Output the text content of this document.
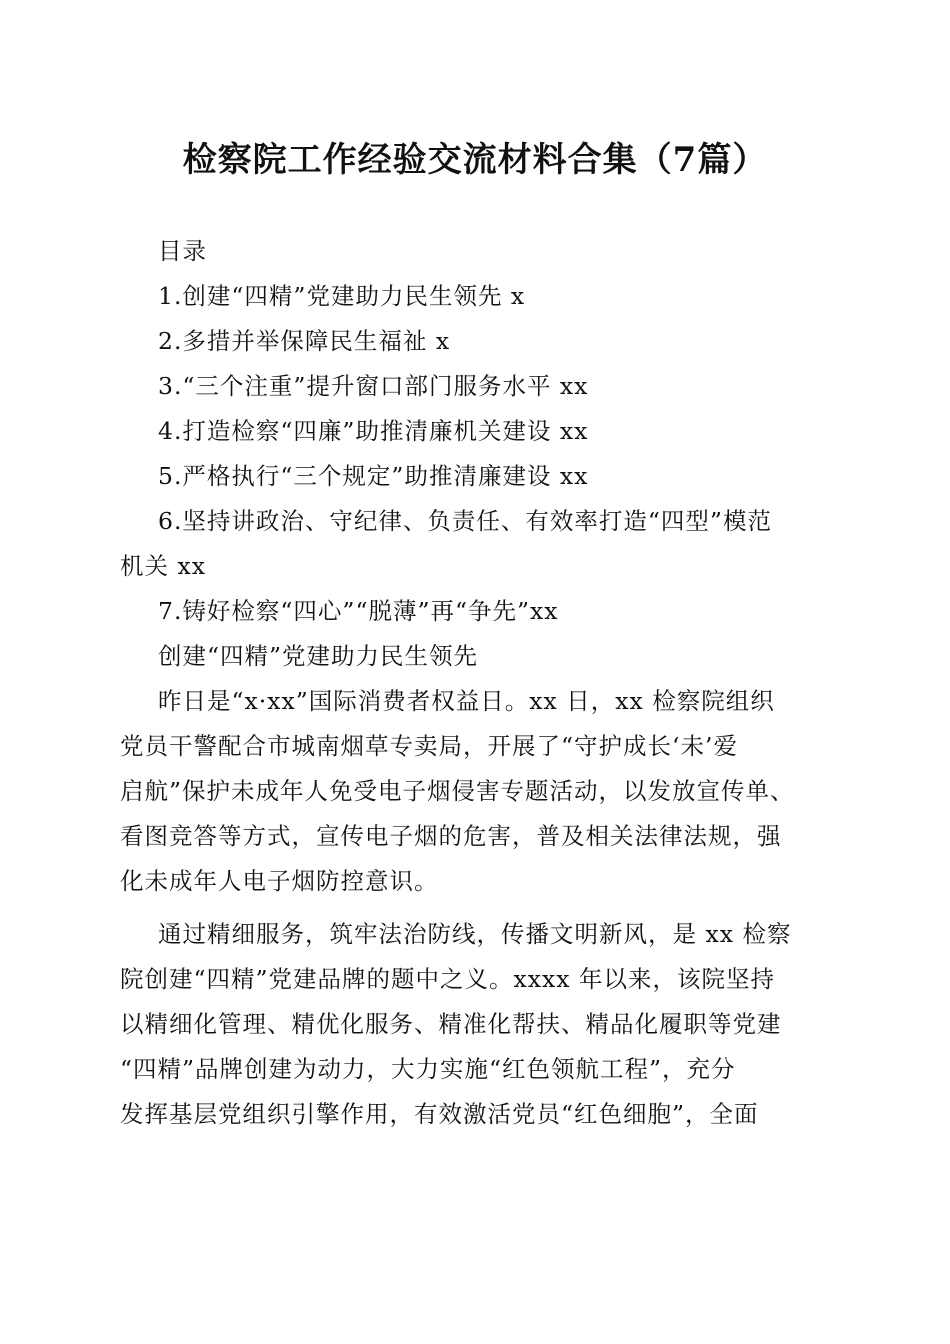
检察院工作经验交流材料合集（7篇）
目录
1.创建“四精”党建助力民生领先 x
2.多措并举保障民生福祉 x
3.“三个注重”提升窗口部门服务水平 xx
4.打造检察“四廉”助推清廉机关建设 xx
5.严格执行“三个规定”助推清廉建设 xx
6.坚持讲政治、守纪律、负责任、有效率打造“四型”模范
机关 xx
7.铸好检察“四心”“脱薄”再“争先”xx
创建“四精”党建助力民生领先
昨日是“x·xx”国际消费者权益日。xx 日，xx 检察院组织
党员干警配合市城南烟草专卖局，开展了“守护成长‘未’爱
启航”保护未成年人免受电子烟侵害专题活动，以发放宣传单、
看图竞答等方式，宣传电子烟的危害，普及相关法律法规，强
化未成年人电子烟防控意识。
通过精细服务，筑牢法治防线，传播文明新风，是 xx 检察
院创建“四精”党建品牌的题中之义。xxxx 年以来，该院坚持
以精细化管理、精优化服务、精准化帮扶、精品化履职等党建
“四精”品牌创建为动力，大力实施“红色领航工程”，充分
发挥基层党组织引擎作用，有效激活党员“红色细胞”，全面
